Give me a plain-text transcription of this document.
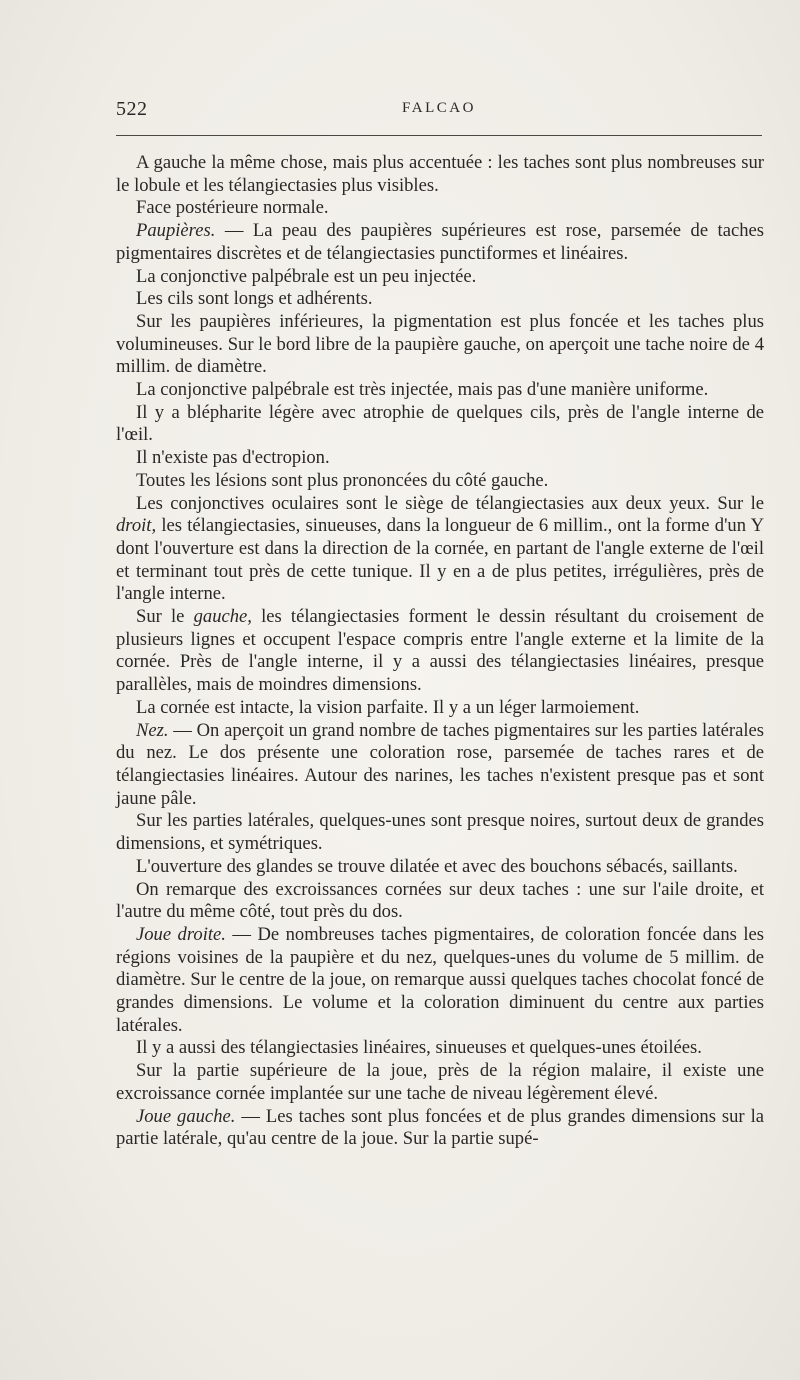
522	FALCAO

A gauche la même chose, mais plus accentuée : les taches sont plus nombreuses sur le lobule et les télangiectasies plus visibles.

Face postérieure normale.

Paupières. — La peau des paupières supérieures est rose, parsemée de taches pigmentaires discrètes et de télangiectasies punctiformes et linéaires.

La conjonctive palpébrale est un peu injectée.

Les cils sont longs et adhérents.

Sur les paupières inférieures, la pigmentation est plus foncée et les taches plus volumineuses. Sur le bord libre de la paupière gauche, on aperçoit une tache noire de 4 millim. de diamètre.

La conjonctive palpébrale est très injectée, mais pas d'une manière uniforme.

Il y a blépharite légère avec atrophie de quelques cils, près de l'angle interne de l'œil.

Il n'existe pas d'ectropion.

Toutes les lésions sont plus prononcées du côté gauche.

Les conjonctives oculaires sont le siège de télangiectasies aux deux yeux. Sur le droit, les télangiectasies, sinueuses, dans la longueur de 6 millim., ont la forme d'un Y dont l'ouverture est dans la direction de la cornée, en partant de l'angle externe de l'œil et terminant tout près de cette tunique. Il y en a de plus petites, irrégulières, près de l'angle interne.

Sur le gauche, les télangiectasies forment le dessin résultant du croisement de plusieurs lignes et occupent l'espace compris entre l'angle externe et la limite de la cornée. Près de l'angle interne, il y a aussi des télangiectasies linéaires, presque parallèles, mais de moindres dimensions.

La cornée est intacte, la vision parfaite. Il y a un léger larmoiement.

Nez. — On aperçoit un grand nombre de taches pigmentaires sur les parties latérales du nez. Le dos présente une coloration rose, parsemée de taches rares et de télangiectasies linéaires. Autour des narines, les taches n'existent presque pas et sont jaune pâle.

Sur les parties latérales, quelques-unes sont presque noires, surtout deux de grandes dimensions, et symétriques.

L'ouverture des glandes se trouve dilatée et avec des bouchons sébacés, saillants.

On remarque des excroissances cornées sur deux taches : une sur l'aile droite, et l'autre du même côté, tout près du dos.

Joue droite. — De nombreuses taches pigmentaires, de coloration foncée dans les régions voisines de la paupière et du nez, quelques-unes du volume de 5 millim. de diamètre. Sur le centre de la joue, on remarque aussi quelques taches chocolat foncé de grandes dimensions. Le volume et la coloration diminuent du centre aux parties latérales.

Il y a aussi des télangiectasies linéaires, sinueuses et quelques-unes étoilées.

Sur la partie supérieure de la joue, près de la région malaire, il existe une excroissance cornée implantée sur une tache de niveau légèrement élevé.

Joue gauche. — Les taches sont plus foncées et de plus grandes dimensions sur la partie latérale, qu'au centre de la joue. Sur la partie supé-
